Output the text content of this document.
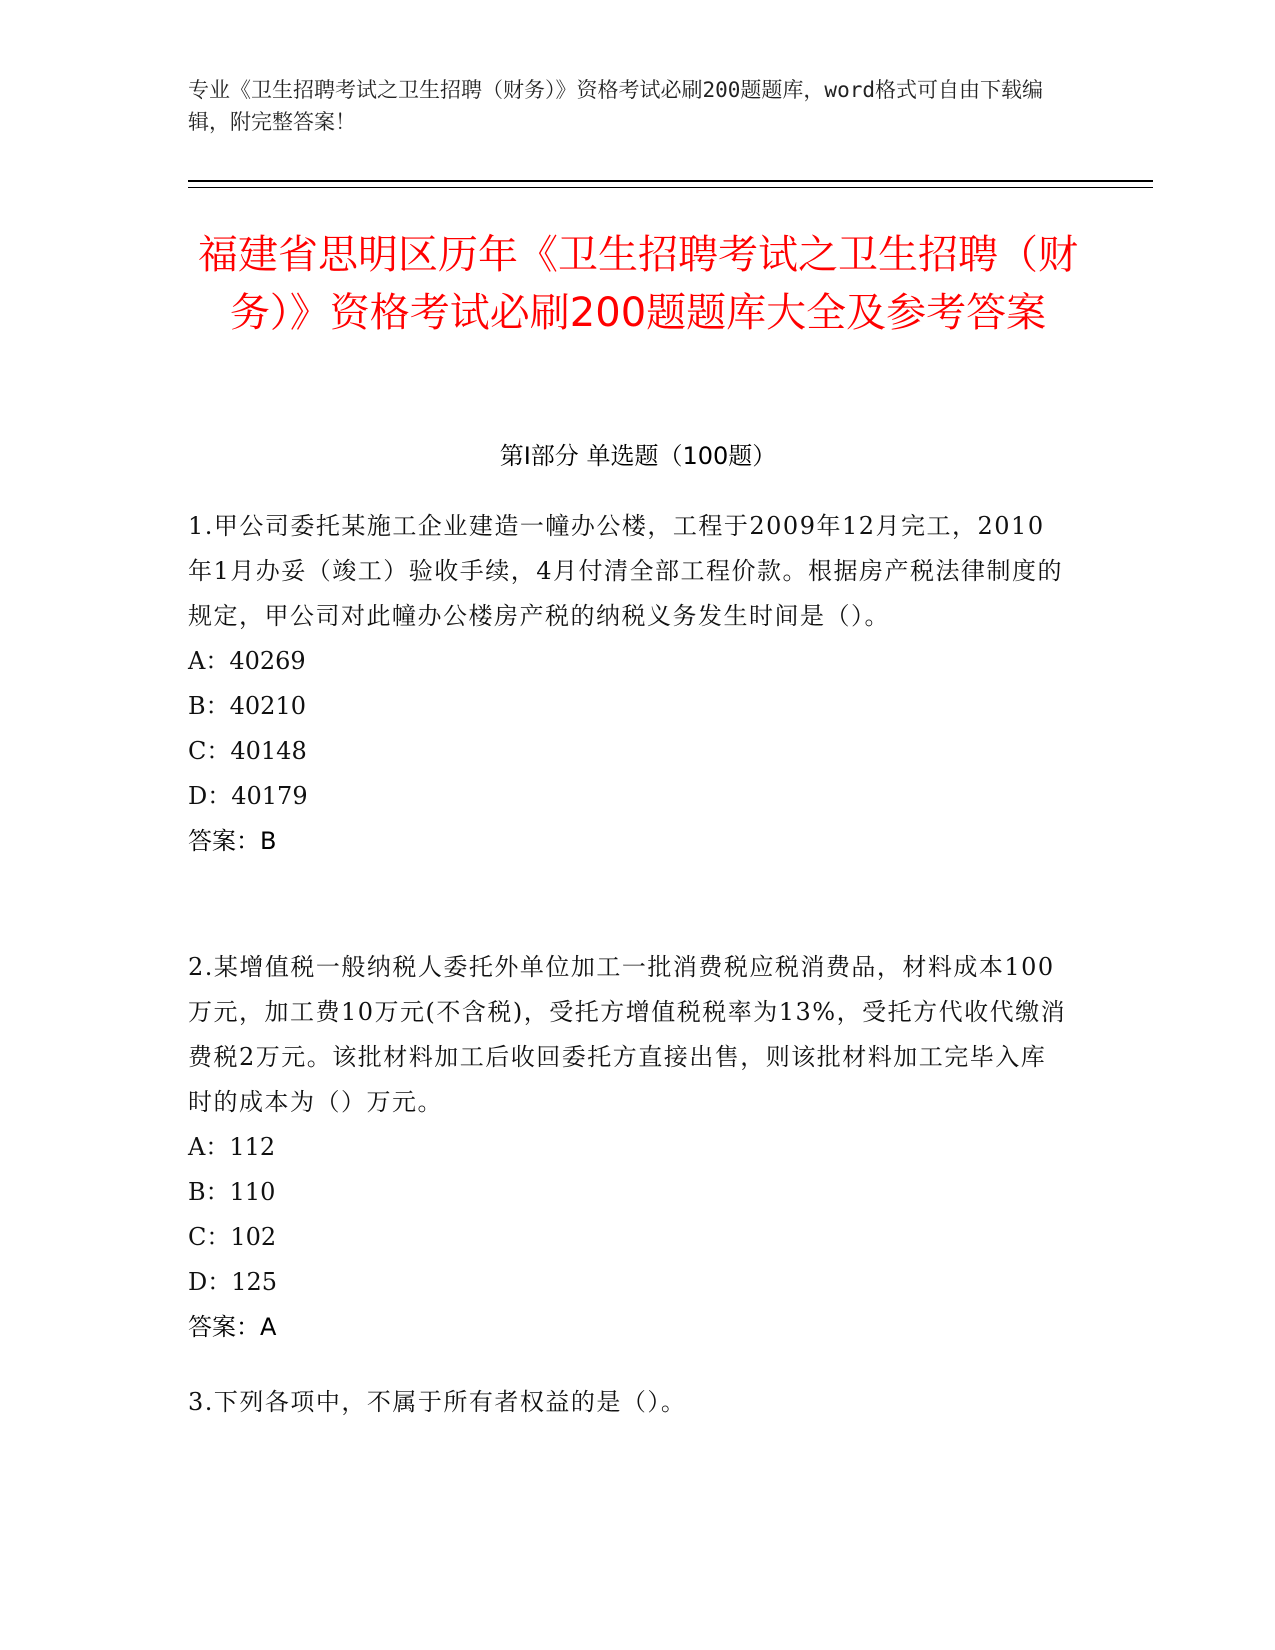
专业《卫生招聘考试之卫生招聘（财务）》资格考试必刷200题题库，word格式可自由下载编辑，附完整答案！
福建省思明区历年《卫生招聘考试之卫生招聘（财务）》资格考试必刷200题题库大全及参考答案
第Ⅰ部分 单选题（100题）
1.甲公司委托某施工企业建造一幢办公楼，工程于2009年12月完工，2010年1月办妥（竣工）验收手续，4月付清全部工程价款。根据房产税法律制度的规定，甲公司对此幢办公楼房产税的纳税义务发生时间是（）。
A：40269
B：40210
C：40148
D：40179
答案：B
2.某增值税一般纳税人委托外单位加工一批消费税应税消费品，材料成本100万元，加工费10万元(不含税)，受托方增值税税率为13%，受托方代收代缴消费税2万元。该批材料加工后收回委托方直接出售，则该批材料加工完毕入库时的成本为（）万元。
A：112
B：110
C：102
D：125
答案：A
3.下列各项中，不属于所有者权益的是（）。
